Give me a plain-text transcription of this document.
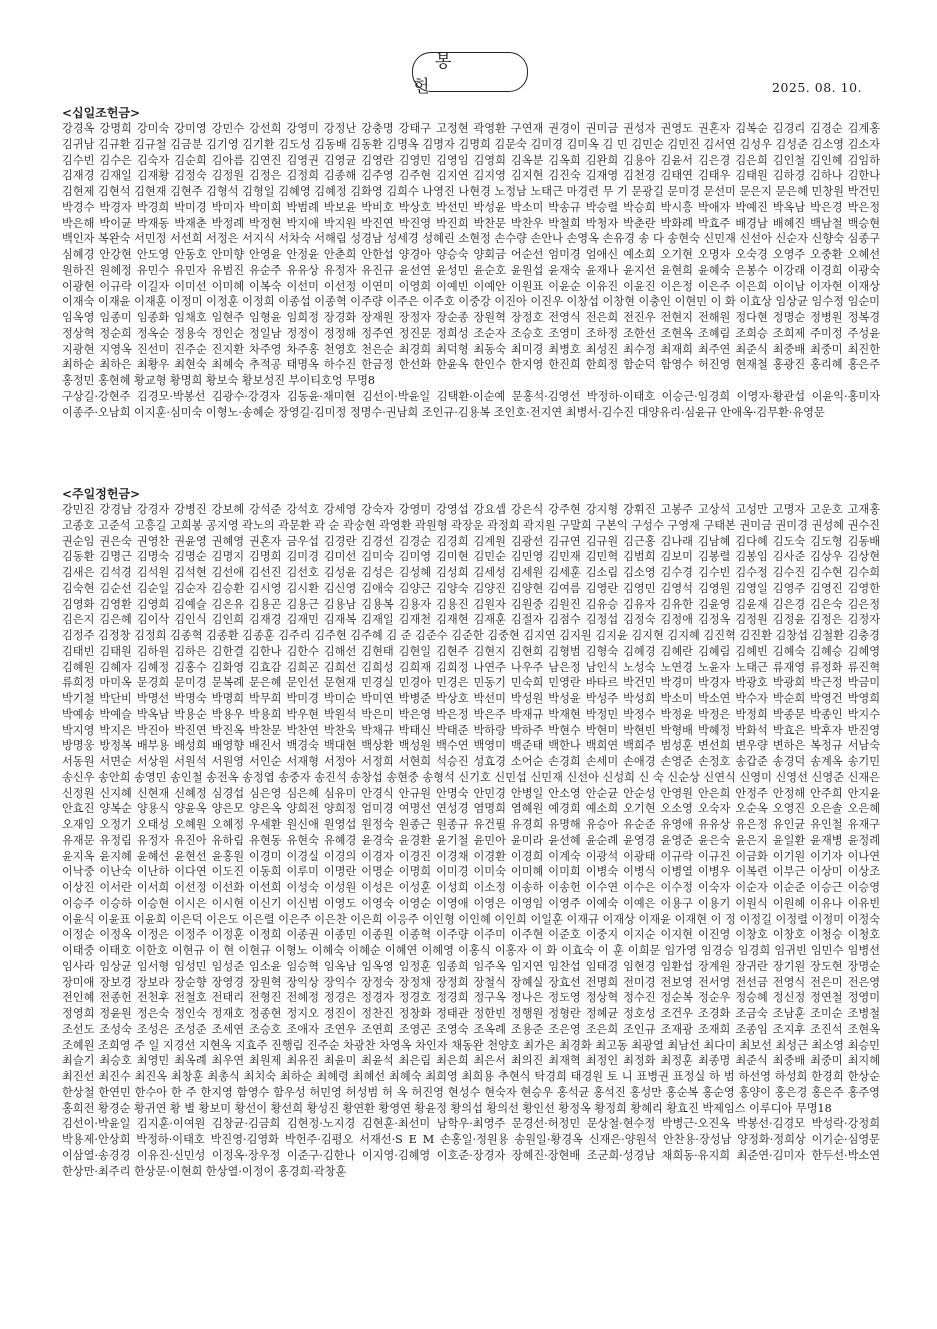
봉 헌	2025. 08. 10.
<십일조헌금>

강경옥 강명희 강미숙 강미영 강민수 강선희 강영미 강정난 강충명 강태구 고정현 곽영환 구연재 권경이 권미금 권성자 권영도 권혼자 김복순 김경리 김경순 김계홍 김귀남 김규환 김규철 김금분 김기영 김기환 김도성 김동배 김동환 김명옥 김명자 김명희 김문숙 김미경 김미옥 김 민 김민순 김민진 김서연 김성우 김성준 김소영 김소자 김수빈 김수은 김숙자 김순희 김아름 김연진 김영권 김영균 김영란 김영민 김영임 김영희 김옥분 김옥희 김완희 김용아 김윤서 김은경 김은희 김인철 김인혜 김임하 김재경 김재일 김재황 김정숙 김정원 김정은 김정희 김종해 김주영 김주현 김지연 김지영 김지현 김진숙 김재영 김천경 김태연 김태우 김태원 김하경 김하나 김한나 김현제 김현석 김현재 김현주 김형석 김형일 김혜영 김혜정 김화영 김희수 나영진 나현경 노정남 노태근 마경련 무 기 문광길 문미경 문선미 문은지 문은혜 민창원 박건민 박경수 박경자 박경희 박미경 박미자 박미희 박범례 박보윤 박비호 박상호 박선민 박성윤 박소미 박송규 박승렬 박승희 박시흥 박애자 박예진 박옥남 박은경 박은정 박은해 박이균 박재동 박재춘 박정례 박정현 박지애 박지원 박진연 박진영 박진희 박찬문 박찬우 박철희 박청자 박춘란 박화례 박효주 배경남 배혜진 백남철 백승현 백인자 복완숙 서민정 서선희 서정은 서지식 서차숙 서해림 성경남 성세경 성혜린 소현정 손수량 손안나 손영옥 손유경 송 다 송현숙 신민재 신선아 신순자 신향숙 심종구 심혜경 안강현 안도영 안동호 안미향 안영윤 안정윤 안춘희 안한섭 양경아 양승숙 양회금 어순선 엄미경 엄애신 예소희 오기현 오명자 오숙경 오영주 오중환 오혜선 원하진 원혜정 유민수 유민자 유범진 유순주 유유상 유정자 유진규 윤선연 윤성민 윤순호 윤원섭 윤재숙 윤재나 윤지선 윤현희 윤혜숙 은봉수 이강래 이경희 이광숙 이광현 이규락 이길자 이미선 이미혜 이복숙 이선미 이선정 이연미 이영희 이예빈 이예안 이원표 이윤순 이유진 이윤진 이은정 이은주 이은희 이이남 이자현 이재상 이재숙 이재윤 이재훈 이정미 이정훈 이정희 이종섭 이종혁 이주량 이주은 이주호 이중강 이진아 이진우 이창섭 이창현 이충인 이현민 이 화 이효상 임상균 임수정 임순미 임옥영 임종미 임종화 임채호 임현주 임형윤 임희정 장경화 장재원 장정자 장순종 장원혁 장정호 전영식 전은희 전진우 전현지 전해원 정다현 정명순 정병원 정복경 정상혁 정순희 정옥순 정용숙 정인순 정일남 정정이 정정해 정주연 정진문 정희성 조순자 조승호 조영미 조하정 조한선 조현옥 조혜림 조희승 조희제 주미정 주성윤 지광현 지영옥 진선미 진주순 진지환 차주영 차주홍 천영호 천은순 최경희 최덕형 최동숙 최미경 최병호 최성진 최수정 최재희 최주연 최준식 최중배 최중미 최진한 최하순 최하은 최황우 최현숙 최혜숙 추적공 태명옥 하수진 한금정 한선화 한윤옥 한인수 한지영 한진희 한희정 함순덕 함영수 허진영 현재철 홍광진 홍리혜 홍은주 홍정민 홍현혜 황교형 황명희 황보숙 황보성진 부이티호엉 무명8

구상길·강현주 김경모·박봉선 김광수·강경자 김동윤·채미현 김선이·박윤일 김택환·이순예 문홍석·김영선 박정하·이태호 이승근·임경희 이영자·황관섭 이윤익·홍미자 이종주·오남희 이지훈·심미숙 이형노·송혜순 장영길·김미정 정명수·권남희 조인규·김용복 조인호·전지연 최병서·김수진 대양유리·심윤규 안애옥·김무환·유영문

<주일정헌금>

강민진 강경남 강경자 강병진 강보혜 강석준 강석호 강세영 강숙자 강영미 강영섭 강요셉 강은식 강주현 강지형 강휘진 고봉주 고상석 고성만 고명자 고운호 고재홍 고종호 고준석 고흥길 고희봉 공지영 곽노의 곽문환 곽 순 곽숭현 곽영환 곽원형 곽장운 곽정희 곽지원 구말희 구본익 구성수 구영재 구태본 권미금 권미경 권성혜 권수진 권순임 권은숙 권영찬 권윤영 권혜영 권혼자 금우섭 김경란 김경선 김경순 김경희 김계원 김광선 김규연 김규원 김근홍 김나래 김남혜 김다혜 김도숙 김도형 김동배 김동환 김명근 김명숙 김명순 김명지 김명희 김미경 김미선 김미숙 김미영 김미현 김민순 김민영 김민재 김민혁 김범희 김보미 김봉렬 김봉임 김사준 김상우 김상현 김새은 김석경 김석원 김석현 김선애 김선진 김선호 김성윤 김성은 김성혜 김성희 김세성 김세원 김세훈 김소림 김소영 김수경 김수빈 김수정 김수진 김수현 김수희 김숙현 김순선 김순일 김순자 김승환 김시영 김시환 김신영 김애숙 김양근 김양숙 김양진 김양현 김여름 김영란 김영민 김영석 김영원 김영일 김영주 김영진 김영한 김영화 김영환 김영희 김예슬 김온유 김용곤 김용근 김용남 김용복 김용자 김용진 김원자 김원중 김원진 김유승 김유자 김유한 김윤영 김윤재 김은경 김은숙 김은정 김은지 김은혜 김이삭 김인식 김인희 김재경 김재민 김재복 김재일 김재천 김재현 김재훈 김절자 김점수 김정섭 김정숙 김정애 김정옥 김정원 김정윤 김정은 김정자 김정주 김정창 김정희 김종혁 김종환 김종훈 김주리 김주현 김주혜 김 준 김준수 김준한 김중현 김지연 김지원 김지윤 김지현 김지혜 김진혁 김진환 김창섭 김철환 김충경 김태빈 김태원 김하원 김하은 김한결 김한나 김한수 김해선 김현태 김현일 김현주 김현지 김현희 김형범 김형숙 김혜경 김혜란 김혜림 김혜빈 김혜숙 김혜승 김혜영 김혜원 김혜자 김혜정 김홍수 김화영 김효감 김희곤 김희선 김희성 김희재 김희정 나연주 나우주 남은정 남인식 노성숙 노연경 노윤자 노태근 류재영 류정화 류진혁 류희정 마미옥 문경희 문미경 문복례 문은혜 문인선 문현재 민경실 민경아 민경은 민동기 민숙희 민영란 바타르 박건민 박경미 박경자 박광호 박광희 박근정 박금미 박기철 박단비 박명선 박명숙 박명희 박무희 박미경 박미순 박미연 박병준 박상호 박선미 박성원 박성윤 박성주 박성희 박소미 박소연 박수자 박순희 박영건 박영희 박예송 박예슬 박옥남 박용순 박용우 박용희 박우현 박원석 박은미 박은영 박은정 박은주 박재규 박재현 박정민 박정수 박정윤 박정은 박정희 박종문 박종인 박지수 박지영 박지은 박진아 박진연 박진옥 박찬문 박찬연 박찬욱 박채규 박태신 박태준 박하랑 박하주 박현수 박현미 박현빈 박형배 박혜정 박화석 박효은 박후자 반진영 방명웅 방정복 배부용 배성희 배영향 배진서 백경숙 백대현 백상환 백성원 백수연 백영미 백준태 백한나 백희연 백희주 범성훈 변선희 변우량 변하은 복정규 서남숙 서동원 서면순 서상원 서원석 서원영 서인순 서재형 서정아 서정희 서현희 석승진 성효경 소어순 손경희 손세미 손애경 손영준 손정호 송갑준 송경덕 송계옥 송기민 송신우 송안희 송영민 송인철 송전옥 송정엽 송중자 송진석 송창섭 송현중 송형석 신기호 신민섭 신민재 신선아 신성희 신 숙 신순상 신연식 신영미 신영선 신영준 신재은 신정원 신지혜 신현재 신혜정 심경섭 심은영 심은혜 심유미 안경식 안규원 안명숙 안민경 안병일 안소영 안순균 안순성 안영원 안은희 안정주 안정해 안주희 안지윤 안효진 양복순 양용식 양윤옥 양은모 양은옥 양희전 양희정 엄미경 여명선 연성경 염명희 염혜원 예경희 예소희 오기현 오소영 오숙자 오순옥 오영진 오은솔 오은혜 오재임 오정기 오태성 오혜원 오혜정 우세환 원신애 원영섭 원정숙 원종근 원종규 유건필 유경희 유명해 유승아 유순준 유영애 유유상 유은정 유인균 유인철 유재구 유재문 유정림 유정자 유진아 유하림 유현동 유현숙 유혜경 윤경숙 윤경환 윤기철 윤민아 윤미라 윤선혜 윤순례 윤영경 윤영준 윤은숙 윤은지 윤일환 윤재병 윤정례 윤지옥 윤지혜 윤혜선 윤현선 윤홍원 이경미 이경실 이경의 이경자 이경진 이경채 이경환 이경희 이계숙 이광석 이광태 이규락 이규진 이금화 이기원 이기자 이나연 이낙중 이난숙 이난하 이다연 이도진 이동희 이루미 이명란 이명순 이명희 이미경 이미숙 이미혜 이미희 이병숙 이병식 이병열 이병우 이복련 이부근 이상미 이상조 이상진 이서란 이서희 이선정 이선화 이선희 이성숙 이성원 이성은 이성훈 이성희 이소정 이송하 이송헌 이수연 이수은 이수정 이숙자 이순자 이순준 이승근 이승영 이승주 이승하 이승현 이시은 이시현 이신기 이신범 이영도 이영숙 이영순 이영애 이영은 이영임 이영주 이예숙 이예은 이용구 이용기 이원식 이원혜 이유나 이유빈 이윤식 이윤표 이윤희 이은덕 이은도 이은렬 이은주 이은찬 이은희 이응주 이인형 이인혜 이인희 이일훈 이재규 이재상 이재윤 이재현 이 정 이정길 이정렬 이정미 이정숙 이정순 이정옥 이정은 이정주 이정훈 이정희 이종권 이종민 이종원 이종혁 이주량 이주미 이주현 이준호 이중지 이지순 이지현 이진영 이창호 이창호 이청승 이청호 이태중 이태호 이한호 이현규 이 현 이현규 이형노 이혜숙 이혜순 이혜연 이혜영 이홍식 이홍자 이 화 이효숙 이 훈 이희문 임가영 임경승 임경희 임귀빈 임민수 임병선 임사라 임상균 임서형 임성민 임성준 임소윤 임승혁 임옥남 임옥영 임정훈 임종희 임주옥 임지연 임찬섭 임태경 임현경 임환섭 장계원 장귀란 장기원 장도현 장명순 장미애 장보경 장보라 장순향 장영경 장원혁 장익상 장익수 장정숙 장정채 장정희 장철식 장혜실 장효선 전명희 전미경 전보영 전서영 전선금 전영식 전은미 전은영 전인혜 전종헌 전천후 전철호 전태리 전형진 전혜정 정경은 정경자 정경호 정경희 정구옥 정나은 정도영 정상혁 정수진 정순복 정순우 정승혜 정신정 정연철 정영미 정영희 정윤원 정은숙 정인숙 정재호 정종현 정지오 정진이 정찬진 정창화 정태관 정한빈 정행원 정형란 정혜균 정호성 조건우 조경화 조금숙 조남훈 조미순 조병철 조선도 조성숙 조성은 조성준 조세연 조승호 조애자 조연우 조연희 조영곤 조영숙 조옥례 조용준 조은영 조은희 조인규 조재광 조재희 조종임 조지후 조진석 조현옥 조혜원 조희영 주 일 지경선 지현옥 지효주 진행림 진주순 차광찬 차영옥 차인자 채동완 천양호 최가은 최경화 최고동 최광열 최남선 최다미 최보선 최성근 최소영 최승민 최슬기 최승호 최영민 최옥례 최우연 최원제 최유진 최윤미 최윤석 최은림 최은희 최은서 최의진 최재혁 최정인 최정화 최정훈 최종명 최준식 최중배 최중미 최지혜 최진선 최진수 최진옥 최창훈 최총식 최치숙 최하순 최혜령 최혜선 최혜숙 최희영 최희용 추현식 탁경희 태경원 토 니 표병권 표정실 하 범 하선영 하성희 한경희 한상순 한상철 한연민 한수아 한 주 한지영 함영수 함우성 허민영 허성범 허 옥 허진영 현성수 현숙자 현승우 홍석균 홍석진 홍성만 홍순복 홍순영 홍양이 홍은경 홍은주 홍주영 홍희전 황경순 황귀연 황 별 황보미 황선이 황선희 황성진 황연환 황영연 황윤정 황의섭 황의선 황인선 황정옥 황정희 황혜리 황효진 박제임스 이루디아 무명18

김선이·박윤일 김지훈·이여원 김창균·김금희 김현정·노지경 김현훈·최선미 남학우·최영주 문경선·허정민 문상철·현수정 박병근·오진옥 박봉선·김경모 박성락·강정희 박용제·안상희 박정하·이태호 박진영·김영화 박헌주·김평오 서재선·S E M 손홍일·정원용 송원일·황경옥 신재은·양원석 안찬용·장성남 양정화·정희상 이기순·심영문 이삼열·송경경 이유진·신민성 이정옥·장우정 이준구·김한나 이지영·김혜영 이호준·장경자 장혜진·장현배 조군희·성경남 채희동·유지희 최준연·김미자 한두선·박소연 한상만·최주리 한상문·이현희 한상열·이정이 홍경희·곽창훈
